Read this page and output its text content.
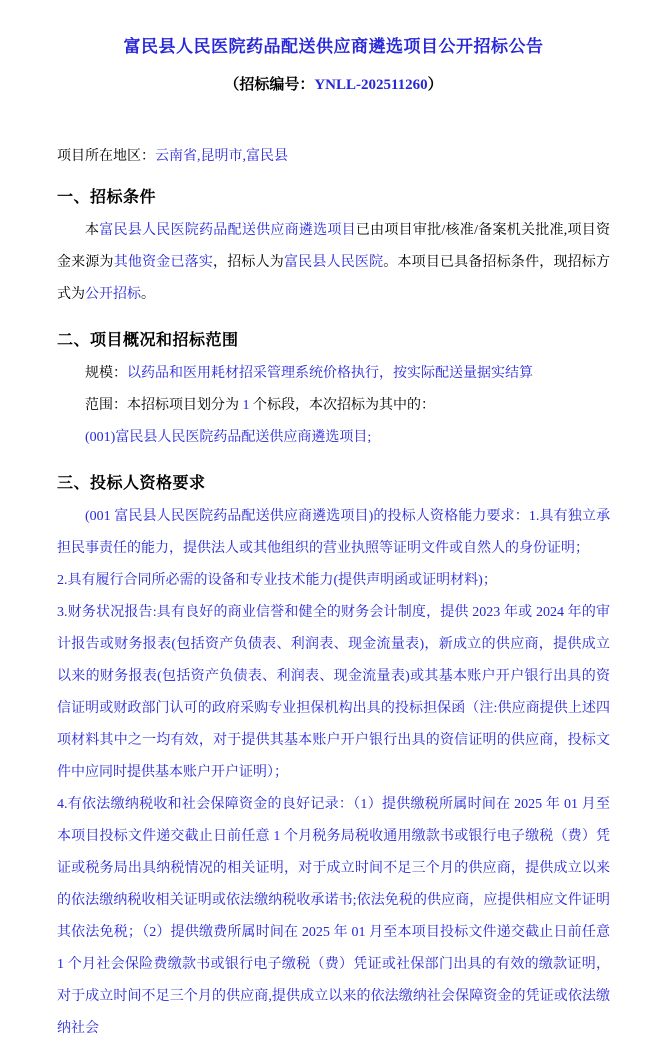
富民县人民医院药品配送供应商遴选项目公开招标公告
（招标编号：YNLL-202511260）

项目所在地区：云南省,昆明市,富民县

一、招标条件

本富民县人民医院药品配送供应商遴选项目已由项目审批/核准/备案机关批准,项目资金来源为其他资金已落实，招标人为富民县人民医院。本项目已具备招标条件，现招标方式为公开招标。

二、项目概况和招标范围

规模：以药品和医用耗材招采管理系统价格执行，按实际配送量据实结算

范围：本招标项目划分为 1 个标段，本次招标为其中的：

(001)富民县人民医院药品配送供应商遴选项目;

三、投标人资格要求

(001 富民县人民医院药品配送供应商遴选项目)的投标人资格能力要求：1.具有独立承担民事责任的能力，提供法人或其他组织的营业执照等证明文件或自然人的身份证明；

2.具有履行合同所必需的设备和专业技术能力(提供声明函或证明材料)；

3.财务状况报告:具有良好的商业信誉和健全的财务会计制度，提供 2023 年或 2024 年的审计报告或财务报表(包括资产负债表、利润表、现金流量表)，新成立的供应商，提供成立以来的财务报表(包括资产负债表、利润表、现金流量表)或其基本账户开户银行出具的资信证明或财政部门认可的政府采购专业担保机构出具的投标担保函（注:供应商提供上述四项材料其中之一均有效，对于提供其基本账户开户银行出具的资信证明的供应商，投标文件中应同时提供基本账户开户证明）；

4.有依法缴纳税收和社会保障资金的良好记录：（1）提供缴税所属时间在 2025 年 01 月至本项目投标文件递交截止日前任意 1 个月税务局税收通用缴款书或银行电子缴税（费）凭证或税务局出具纳税情况的相关证明，对于成立时间不足三个月的供应商，提供成立以来的依法缴纳税收相关证明或依法缴纳税收承诺书;依法免税的供应商，应提供相应文件证明其依法免税；（2）提供缴费所属时间在 2025 年 01 月至本项目投标文件递交截止日前任意 1 个月社会保险费缴款书或银行电子缴税（费）凭证或社保部门出具的有效的缴款证明，对于成立时间不足三个月的供应商,提供成立以来的依法缴纳社会保障资金的凭证或依法缴纳社会
